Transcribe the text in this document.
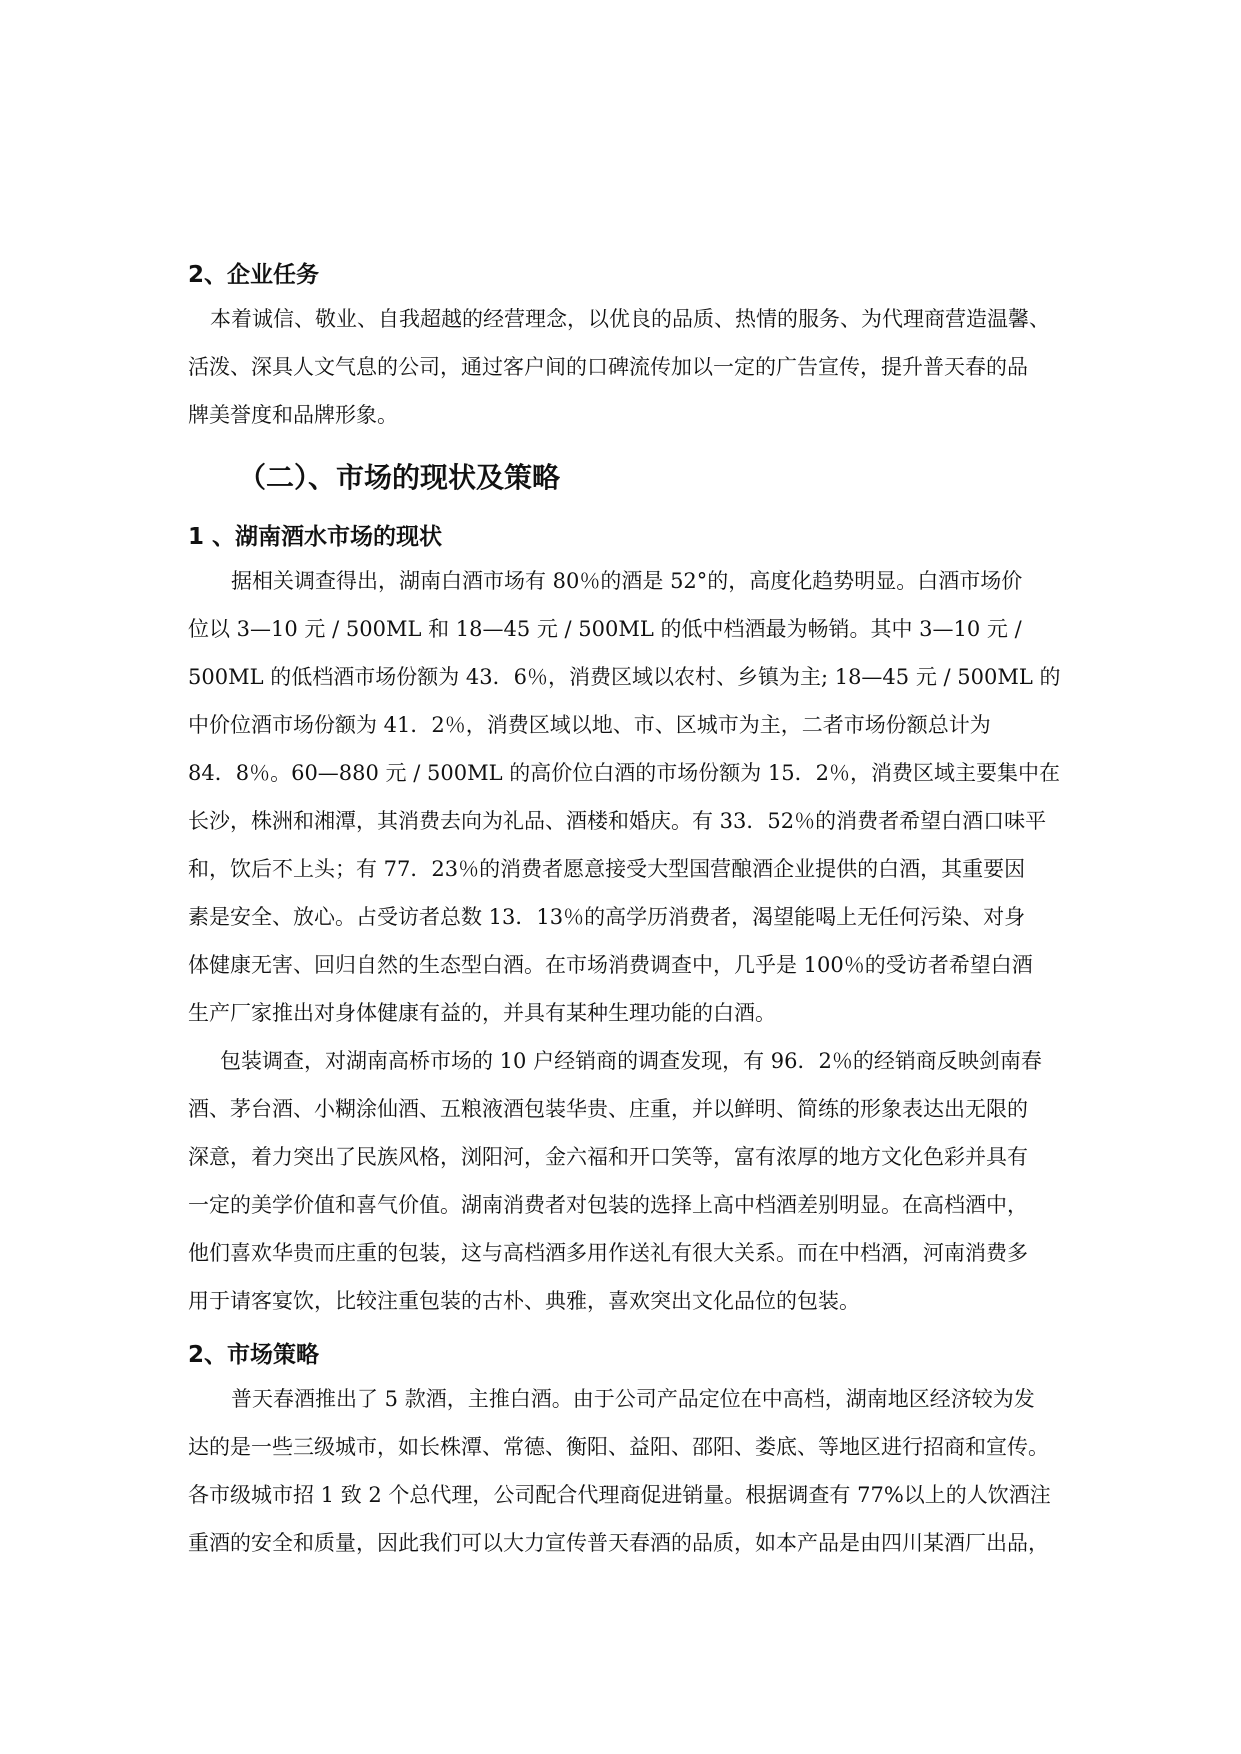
2、企业任务

本着诚信、敬业、自我超越的经营理念，以优良的品质、热情的服务、为代理商营造温馨、

活泼、深具人文气息的公司，通过客户间的口碑流传加以一定的广告宣传，提升普天春的品

牌美誉度和品牌形象。

（二）、市场的现状及策略
1 、湖南酒水市场的现状

据相关调查得出，湖南白酒市场有 80％的酒是 52°的，高度化趋势明显。白酒市场价

位以 3—10 元 / 500ML 和 18—45 元 / 500ML 的低中档酒最为畅销。其中 3—10 元 /

500ML 的低档酒市场份额为 43．6％，消费区域以农村、乡镇为主; 18—45 元 / 500ML 的

中价位酒市场份额为 41．2％，消费区域以地、市、区城市为主，二者市场份额总计为

84．8％。60—880 元 / 500ML 的高价位白酒的市场份额为 15．2％，消费区域主要集中在

长沙，株洲和湘潭，其消费去向为礼品、酒楼和婚庆。有 33．52％的消费者希望白酒口味平

和，饮后不上头；有 77．23％的消费者愿意接受大型国营酿酒企业提供的白酒，其重要因

素是安全、放心。占受访者总数 13．13％的高学历消费者，渴望能喝上无任何污染、对身

体健康无害、回归自然的生态型白酒。在市场消费调查中，几乎是 100％的受访者希望白酒

生产厂家推出对身体健康有益的，并具有某种生理功能的白酒。

包装调查，对湖南高桥市场的 10 户经销商的调查发现，有 96．2％的经销商反映剑南春

酒、茅台酒、小糊涂仙酒、五粮液酒包装华贵、庄重，并以鲜明、简练的形象表达出无限的

深意，着力突出了民族风格，浏阳河，金六福和开口笑等，富有浓厚的地方文化色彩并具有

一定的美学价值和喜气价值。湖南消费者对包装的选择上高中档酒差别明显。在高档酒中，

他们喜欢华贵而庄重的包装，这与高档酒多用作送礼有很大关系。而在中档酒，河南消费多

用于请客宴饮，比较注重包装的古朴、典雅，喜欢突出文化品位的包装。

2、市场策略

普天春酒推出了 5 款酒，主推白酒。由于公司产品定位在中高档，湖南地区经济较为发

达的是一些三级城市，如长株潭、常德、衡阳、益阳、邵阳、娄底、等地区进行招商和宣传。

各市级城市招 1 致 2 个总代理，公司配合代理商促进销量。根据调查有 77%以上的人饮酒注

重酒的安全和质量，因此我们可以大力宣传普天春酒的品质，如本产品是由四川某酒厂出品，
